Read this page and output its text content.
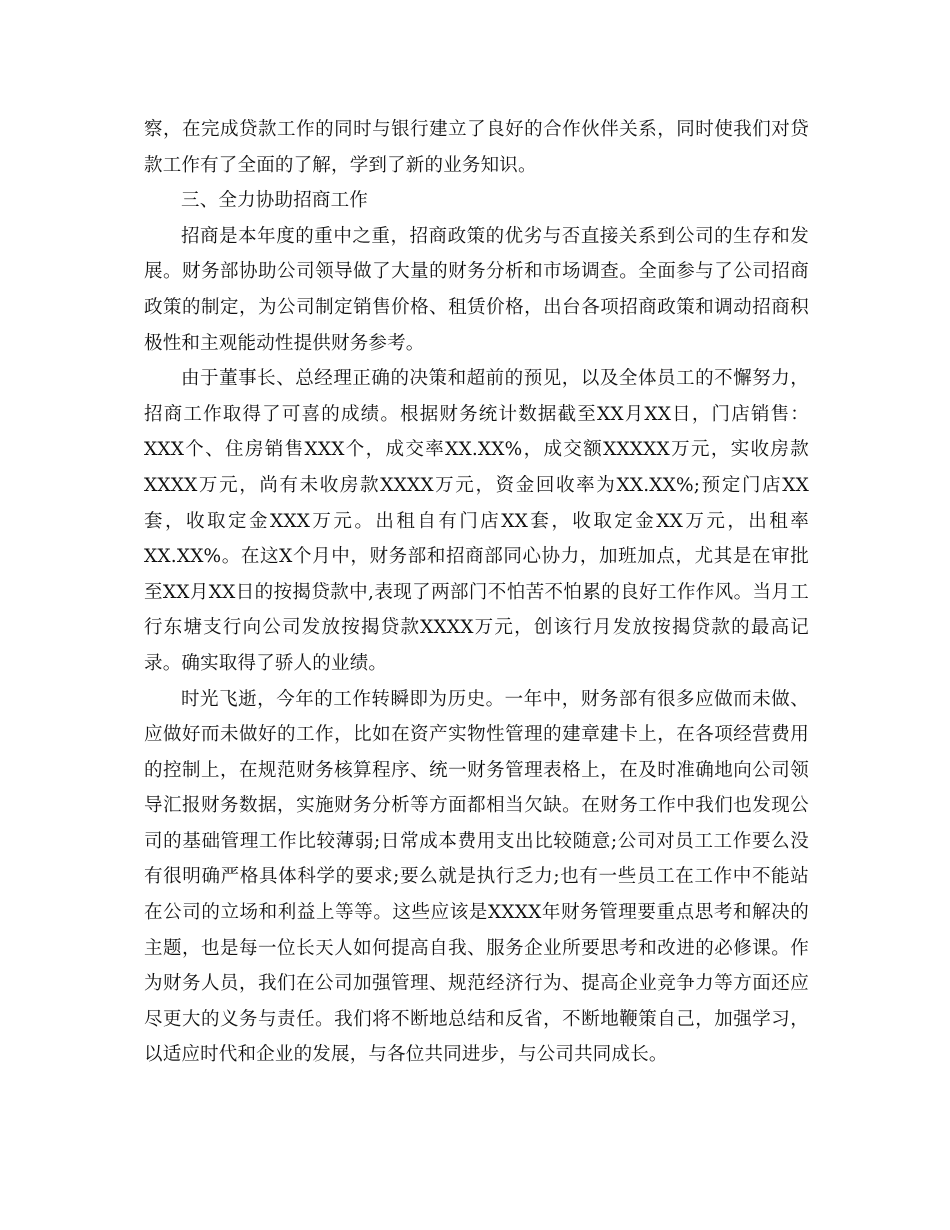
察，在完成贷款工作的同时与银行建立了良好的合作伙伴关系，同时使我们对贷款工作有了全面的了解，学到了新的业务知识。

三、全力协助招商工作

招商是本年度的重中之重，招商政策的优劣与否直接关系到公司的生存和发展。财务部协助公司领导做了大量的财务分析和市场调查。全面参与了公司招商政策的制定，为公司制定销售价格、租赁价格，出台各项招商政策和调动招商积极性和主观能动性提供财务参考。

由于董事长、总经理正确的决策和超前的预见，以及全体员工的不懈努力，招商工作取得了可喜的成绩。根据财务统计数据截至XX月XX日，门店销售：XXX个、住房销售XXX个，成交率XX.XX%，成交额XXXXX万元，实收房款XXXX万元，尚有未收房款XXXX万元，资金回收率为XX.XX%;预定门店XX套，收取定金XXX万元。出租自有门店XX套，收取定金XX万元，出租率XX.XX%。在这X个月中，财务部和招商部同心协力，加班加点，尤其是在审批至XX月XX日的按揭贷款中,表现了两部门不怕苦不怕累的良好工作作风。当月工行东塘支行向公司发放按揭贷款XXXX万元，创该行月发放按揭贷款的最高记录。确实取得了骄人的业绩。

时光飞逝，今年的工作转瞬即为历史。一年中，财务部有很多应做而未做、应做好而未做好的工作，比如在资产实物性管理的建章建卡上，在各项经营费用的控制上，在规范财务核算程序、统一财务管理表格上，在及时准确地向公司领导汇报财务数据，实施财务分析等方面都相当欠缺。在财务工作中我们也发现公司的基础管理工作比较薄弱;日常成本费用支出比较随意;公司对员工工作要么没有很明确严格具体科学的要求;要么就是执行乏力;也有一些员工在工作中不能站在公司的立场和利益上等等。这些应该是XXXX年财务管理要重点思考和解决的主题，也是每一位长天人如何提高自我、服务企业所要思考和改进的必修课。作为财务人员，我们在公司加强管理、规范经济行为、提高企业竞争力等方面还应尽更大的义务与责任。我们将不断地总结和反省，不断地鞭策自己，加强学习，以适应时代和企业的发展，与各位共同进步，与公司共同成长。
